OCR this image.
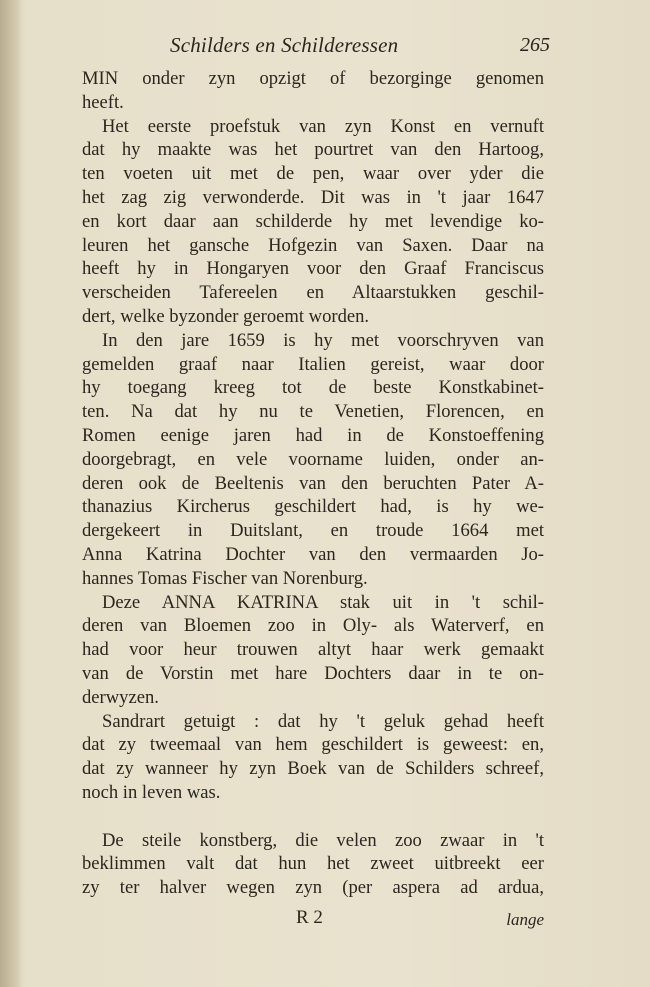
Schilders en Schilderessen	265
MIN onder zyn opzigt of bezorginge genomen
heeft.
Het eerste proefstuk van zyn Konst en vernuft
dat hy maakte was het pourtret van den Hartoog,
ten voeten uit met de pen, waar over yder die
het zag zig verwonderde. Dit was in 't jaar 1647
en kort daar aan schilderde hy met levendige ko-
leuren het gansche Hofgezin van Saxen. Daar na
heeft hy in Hongaryen voor den Graaf Franciscus
verscheiden Tafereelen en Altaarstukken geschil-
dert, welke byzonder geroemt worden.
In den jare 1659 is hy met voorschryven van
gemelden graaf naar Italien gereist, waar door
hy toegang kreeg tot de beste Konstkabinet-
ten. Na dat hy nu te Venetien, Florencen, en
Romen eenige jaren had in de Konstoeffening
doorgebragt, en vele voorname luiden, onder an-
deren ook de Beeltenis van den beruchten Pater A-
thanazius Kircherus geschildert had, is hy we-
dergekeert in Duitslant, en troude 1664 met
Anna Katrina Dochter van den vermaarden Jo-
hannes Tomas Fischer van Norenburg.
Deze ANNA KATRINA stak uit in 't schil-
deren van Bloemen zoo in Oly- als Waterverf, en
had voor heur trouwen altyt haar werk gemaakt
van de Vorstin met hare Dochters daar in te on-
derwyzen.
Sandrart getuigt : dat hy 't geluk gehad heeft
dat zy tweemaal van hem geschildert is geweest: en,
dat zy wanneer hy zyn Boek van de Schilders schreef,
noch in leven was.
De steile konstberg, die velen zoo zwaar in 't
beklimmen valt dat hun het zweet uitbreekt eer
zy ter halver wegen zyn (per aspera ad ardua,
R 2	lange
